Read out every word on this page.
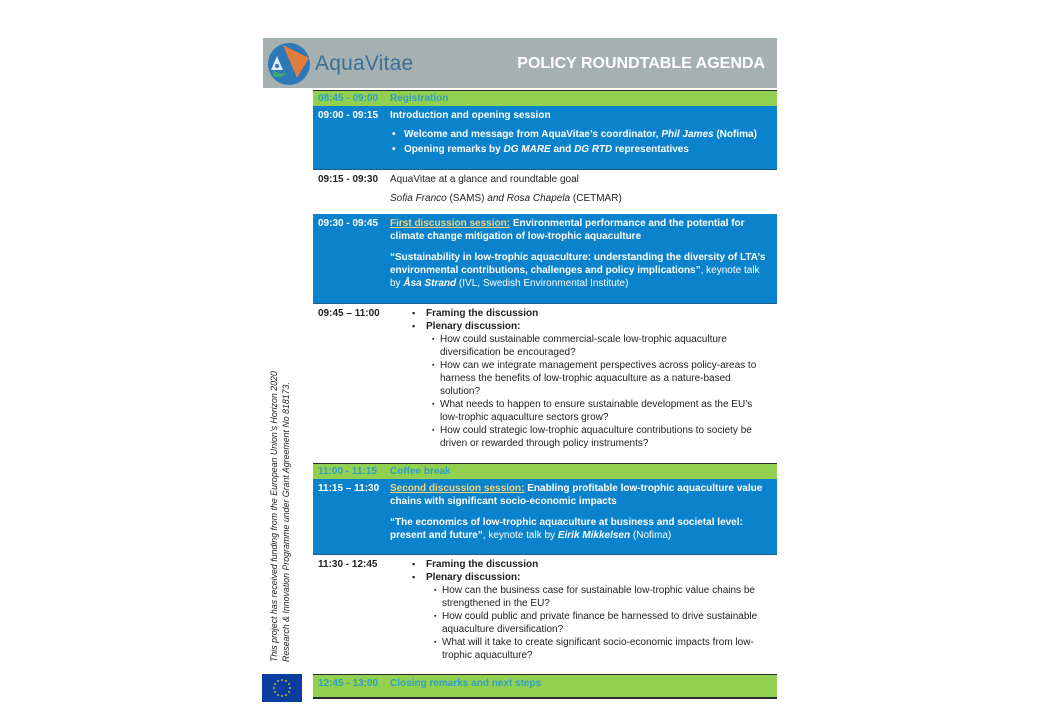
AquaVitae	POLICY ROUNDTABLE AGENDA
08:45 - 09:00 Registration
09:00 - 09:15 Introduction and opening session
• Welcome and message from AquaVitae’s coordinator, Phil James (Nofima)
• Opening remarks by DG MARE and DG RTD representatives
09:15 - 09:30 AquaVitae at a glance and roundtable goal
Sofia Franco (SAMS) and Rosa Chapela (CETMAR)
09:30 - 09:45 First discussion session: Environmental performance and the potential for climate change mitigation of low-trophic aquaculture
“Sustainability in low-trophic aquaculture: understanding the diversity of LTA’s environmental contributions, challenges and policy implications”, keynote talk by Åsa Strand (IVL, Swedish Environmental Institute)
09:45 – 11:00	▪ Framing the discussion
▪ Plenary discussion:
▪ How could sustainable commercial-scale low-trophic aquaculture diversification be encouraged?
▪ How can we integrate management perspectives across policy-areas to harness the benefits of low-trophic aquaculture as a nature-based solution?
▪ What needs to happen to ensure sustainable development as the EU’s low-trophic aquaculture sectors grow?
▪ How could strategic low-trophic aquaculture contributions to society be driven or rewarded through policy instruments?
11:00 - 11:15 Coffee break
11:15 – 11:30 Second discussion session: Enabling profitable low-trophic aquaculture value chains with significant socio-economic impacts
“The economics of low-trophic aquaculture at business and societal level: present and future”, keynote talk by Eirik Mikkelsen (Nofima)
11:30 - 12:45	▪ Framing the discussion
▪ Plenary discussion:
▪ How can the business case for sustainable low-trophic value chains be strengthened in the EU?
▪ How could public and private finance be harnessed to drive sustainable aquaculture diversification?
▪ What will it take to create significant socio-economic impacts from low-trophic aquaculture?
12:45 - 13:00 Closing remarks and next steps
This project has received funding from the European Union’s Horizon 2020 Research & Innovation Programme under Grant Agreement No 818173.
